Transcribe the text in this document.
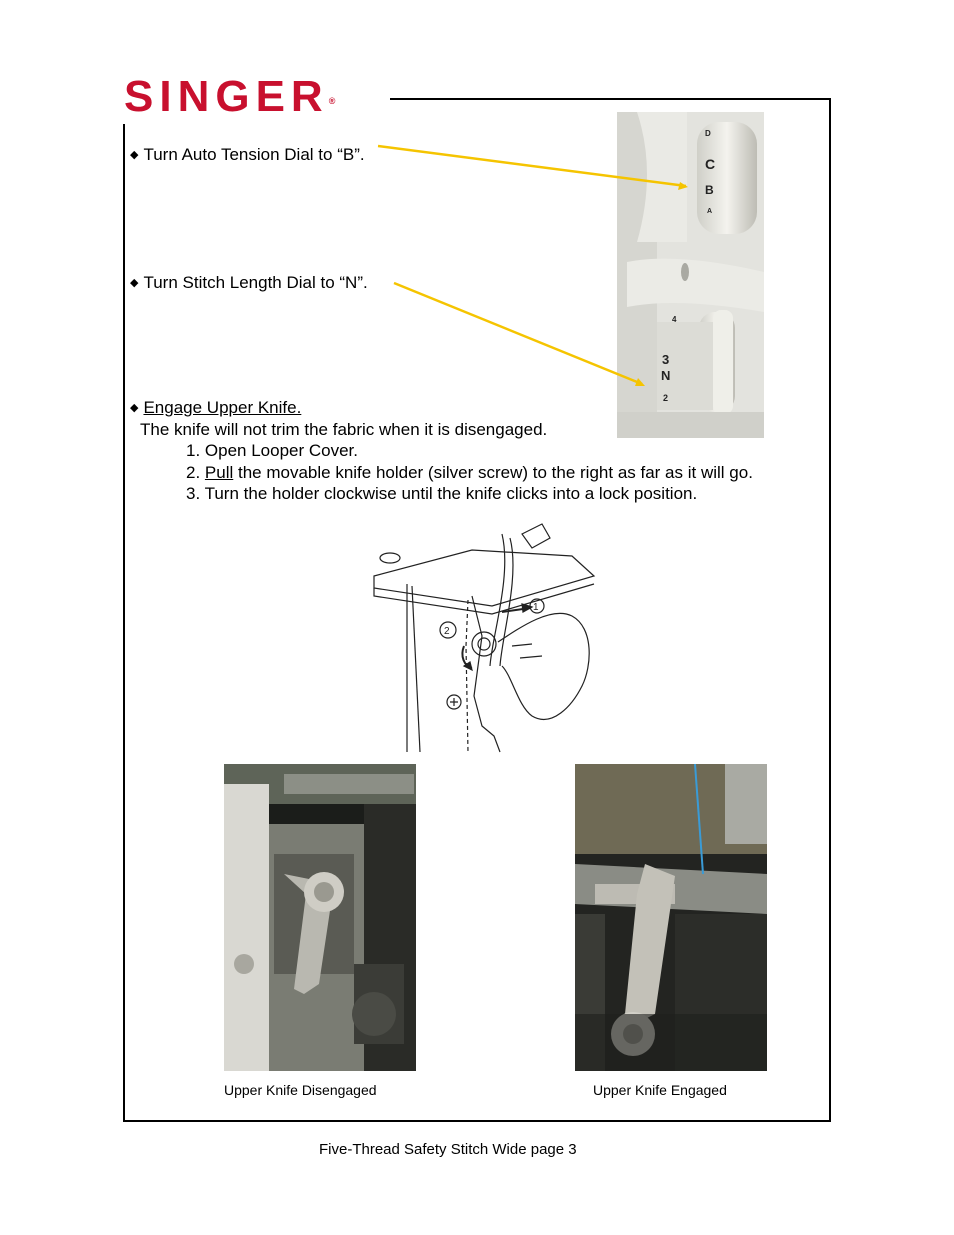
SINGER®
◆ Turn Auto Tension Dial to “B”.
◆ Turn Stitch Length Dial to “N”.
◆ Engage Upper Knife.
The knife will not trim the fabric when it is disengaged.
1. Open Looper Cover.
2. Pull the movable knife holder (silver screw) to the right as far as it will go.
3. Turn the holder clockwise until the knife clicks into a lock position.
D
C
B
A
4
3
N
2
1
2
Upper Knife Disengaged	Upper Knife Engaged
Five-Thread Safety Stitch Wide page 3
